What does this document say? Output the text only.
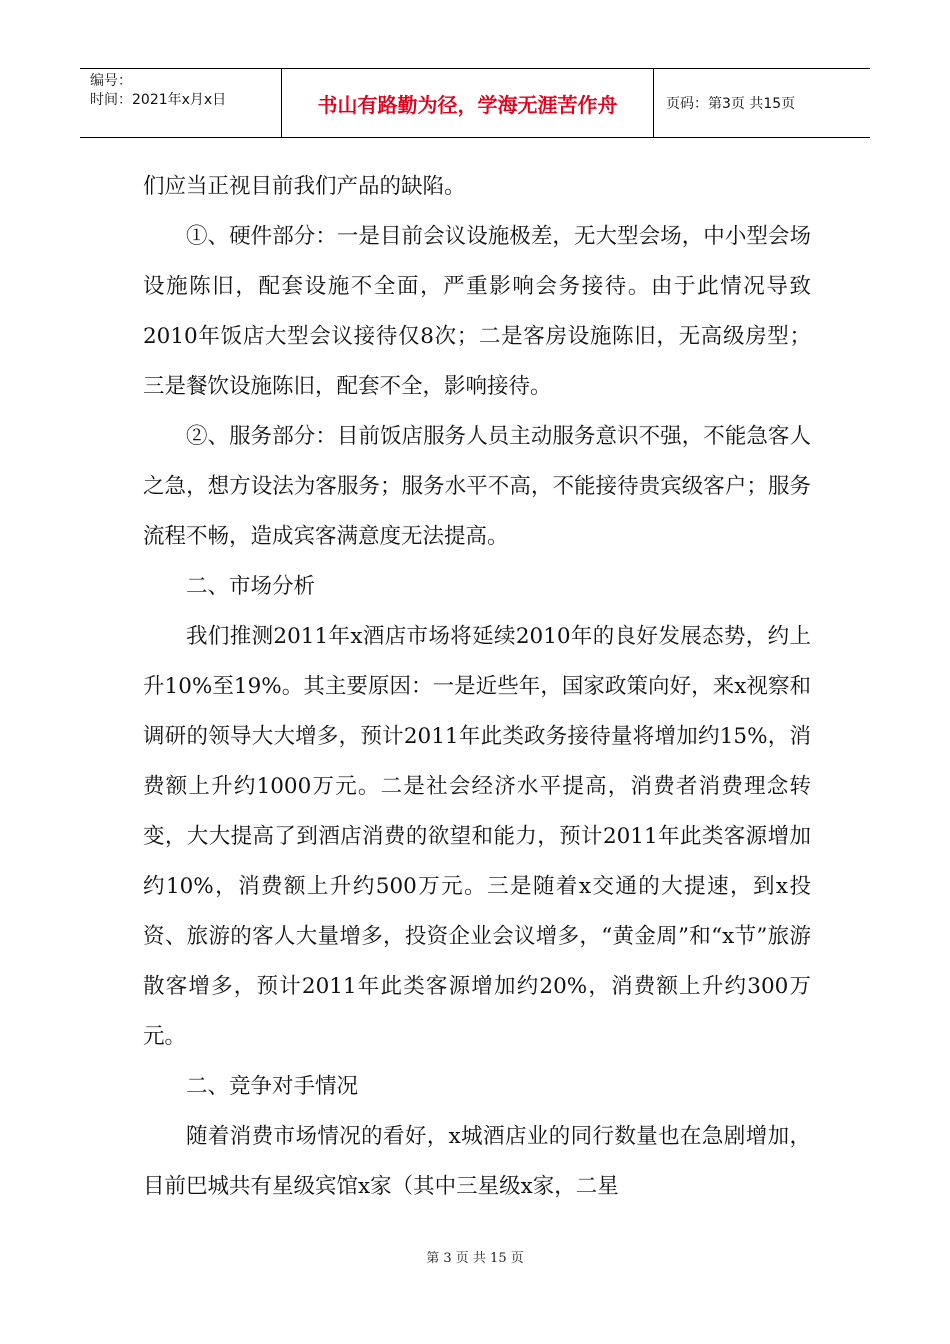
编号：
时间：2021年x月x日	书山有路勤为径，学海无涯苦作舟	页码：第3页 共15页

们应当正视目前我们产品的缺陷。

①、硬件部分：一是目前会议设施极差，无大型会场，中小型会场设施陈旧，配套设施不全面，严重影响会务接待。由于此情况导致2010年饭店大型会议接待仅8次；二是客房设施陈旧，无高级房型；三是餐饮设施陈旧，配套不全，影响接待。

②、服务部分：目前饭店服务人员主动服务意识不强，不能急客人之急，想方设法为客服务；服务水平不高，不能接待贵宾级客户；服务流程不畅，造成宾客满意度无法提高。

二、市场分析

我们推测2011年x酒店市场将延续2010年的良好发展态势，约上升10%至19%。其主要原因：一是近些年，国家政策向好，来x视察和调研的领导大大增多，预计2011年此类政务接待量将增加约15%，消费额上升约1000万元。二是社会经济水平提高，消费者消费理念转变，大大提高了到酒店消费的欲望和能力，预计2011年此类客源增加约10%，消费额上升约500万元。三是随着x交通的大提速，到x投资、旅游的客人大量增多，投资企业会议增多，“黄金周”和“x节”旅游散客增多，预计2011年此类客源增加约20%，消费额上升约300万元。

二、竞争对手情况

随着消费市场情况的看好，x城酒店业的同行数量也在急剧增加，目前巴城共有星级宾馆x家（其中三星级x家，二星

第 3 页 共 15 页
